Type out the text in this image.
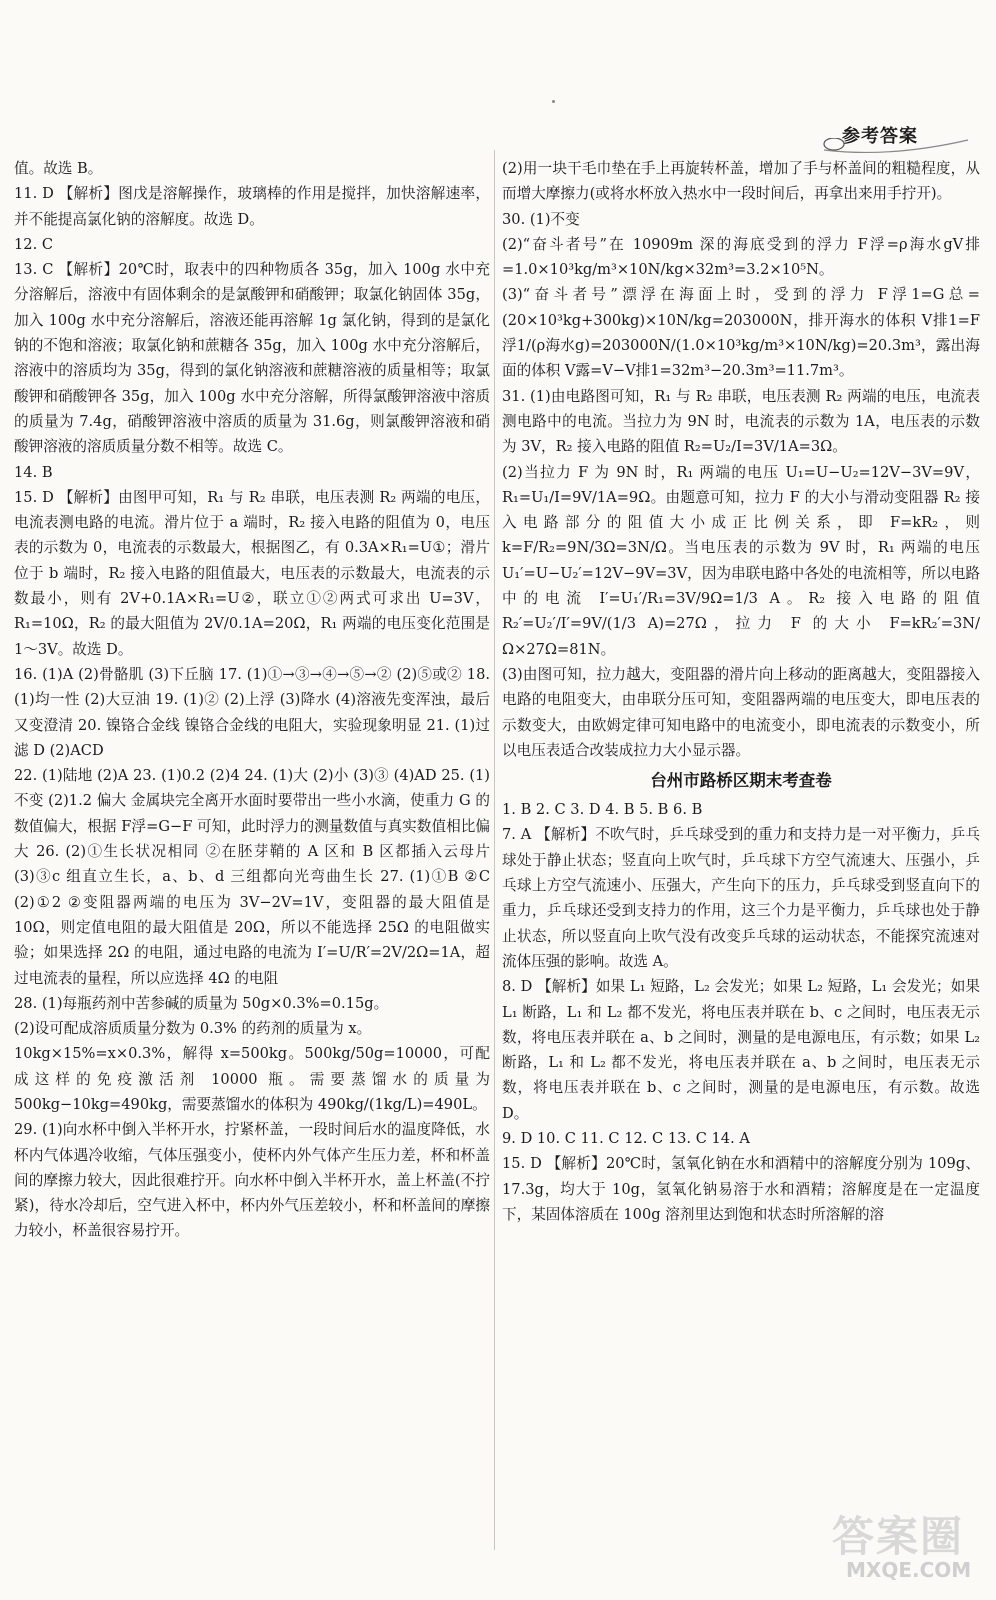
参考答案

值。故选 B。

11. D 【解析】图戊是溶解操作，玻璃棒的作用是搅拌，加快溶解速率，并不能提高氯化钠的溶解度。故选 D。

12. C

13. C 【解析】20℃时，取表中的四种物质各 35g，加入 100g 水中充分溶解后，溶液中有固体剩余的是氯酸钾和硝酸钾；取氯化钠固体 35g，加入 100g 水中充分溶解后，溶液还能再溶解 1g 氯化钠，得到的是氯化钠的不饱和溶液；取氯化钠和蔗糖各 35g，加入 100g 水中充分溶解后，溶液中的溶质均为 35g，得到的氯化钠溶液和蔗糖溶液的质量相等；取氯酸钾和硝酸钾各 35g，加入 100g 水中充分溶解，所得氯酸钾溶液中溶质的质量为 7.4g，硝酸钾溶液中溶质的质量为 31.6g，则氯酸钾溶液和硝酸钾溶液的溶质质量分数不相等。故选 C。

14. B

15. D 【解析】由图甲可知，R₁ 与 R₂ 串联，电压表测 R₂ 两端的电压，电流表测电路的电流。滑片位于 a 端时，R₂ 接入电路的阻值为 0，电压表的示数为 0，电流表的示数最大，根据图乙，有 0.3A×R₁=U①；滑片位于 b 端时，R₂ 接入电路的阻值最大，电压表的示数最大，电流表的示数最小，则有 2V+0.1A×R₁=U②，联立①②两式可求出 U=3V，R₁=10Ω，R₂ 的最大阻值为 2V/0.1A=20Ω，R₁ 两端的电压变化范围是 1～3V。故选 D。

16. (1)A (2)骨骼肌 (3)下丘脑 17. (1)①→③→④→⑤→② (2)⑤或② 18. (1)均一性 (2)大豆油 19. (1)② (2)上浮 (3)降水 (4)溶液先变浑浊，最后又变澄清 20. 镍铬合金线 镍铬合金线的电阻大，实验现象明显 21. (1)过滤 D (2)ACD

22. (1)陆地 (2)A 23. (1)0.2 (2)4 24. (1)大 (2)小 (3)③ (4)AD 25. (1)不变 (2)1.2 偏大 金属块完全离开水面时要带出一些小水滴，使重力 G 的数值偏大，根据 F浮=G−F 可知，此时浮力的测量数值与真实数值相比偏大 26. (2)①生长状况相同 ②在胚芽鞘的 A 区和 B 区都插入云母片 (3)③c 组直立生长，a、b、d 三组都向光弯曲生长 27. (1)①B ②C (2)①2 ②变阻器两端的电压为 3V−2V=1V，变阻器的最大阻值是 10Ω，则定值电阻的最大阻值是 20Ω，所以不能选择 25Ω 的电阻做实验；如果选择 2Ω 的电阻，通过电路的电流为 I′=U/R′=2V/2Ω=1A，超过电流表的量程，所以应选择 4Ω 的电阻

28. (1)每瓶药剂中苦参碱的质量为 50g×0.3%=0.15g。

(2)设可配成溶质质量分数为 0.3% 的药剂的质量为 x。

10kg×15%=x×0.3%，解得 x=500kg。500kg/50g=10000，可配成这样的免疫激活剂 10000 瓶。需要蒸馏水的质量为 500kg−10kg=490kg，需要蒸馏水的体积为 490kg/(1kg/L)=490L。

29. (1)向水杯中倒入半杯开水，拧紧杯盖，一段时间后水的温度降低，水杯内气体遇冷收缩，气体压强变小，使杯内外气体产生压力差，杯和杯盖间的摩擦力较大，因此很难拧开。向水杯中倒入半杯开水，盖上杯盖(不拧紧)，待水冷却后，空气进入杯中，杯内外气压差较小，杯和杯盖间的摩擦力较小，杯盖很容易拧开。

(2)用一块干毛巾垫在手上再旋转杯盖，增加了手与杯盖间的粗糙程度，从而增大摩擦力(或将水杯放入热水中一段时间后，再拿出来用手拧开)。

30. (1)不变

(2)“奋斗者号”在 10909m 深的海底受到的浮力 F浮=ρ海水gV排=1.0×10³kg/m³×10N/kg×32m³=3.2×10⁵N。

(3)“奋斗者号”漂浮在海面上时，受到的浮力 F浮1=G总=(20×10³kg+300kg)×10N/kg=203000N，排开海水的体积 V排1=F浮1/(ρ海水g)=203000N/(1.0×10³kg/m³×10N/kg)=20.3m³，露出海面的体积 V露=V−V排1=32m³−20.3m³=11.7m³。

31. (1)由电路图可知，R₁ 与 R₂ 串联，电压表测 R₂ 两端的电压，电流表测电路中的电流。当拉力为 9N 时，电流表的示数为 1A，电压表的示数为 3V，R₂ 接入电路的阻值 R₂=U₂/I=3V/1A=3Ω。

(2)当拉力 F 为 9N 时，R₁ 两端的电压 U₁=U−U₂=12V−3V=9V，R₁=U₁/I=9V/1A=9Ω。由题意可知，拉力 F 的大小与滑动变阻器 R₂ 接入电路部分的阻值大小成正比例关系，即 F=kR₂，则 k=F/R₂=9N/3Ω=3N/Ω。当电压表的示数为 9V 时，R₁ 两端的电压 U₁′=U−U₂′=12V−9V=3V，因为串联电路中各处的电流相等，所以电路中的电流 I′=U₁′/R₁=3V/9Ω=1/3 A。R₂ 接入电路的阻值 R₂′=U₂′/I′=9V/(1/3 A)=27Ω，拉力 F 的大小 F=kR₂′=3N/Ω×27Ω=81N。

(3)由图可知，拉力越大，变阻器的滑片向上移动的距离越大，变阻器接入电路的电阻变大，由串联分压可知，变阻器两端的电压变大，即电压表的示数变大，由欧姆定律可知电路中的电流变小，即电流表的示数变小，所以电压表适合改装成拉力大小显示器。

台州市路桥区期末考查卷

1. B 2. C 3. D 4. B 5. B 6. B

7. A 【解析】不吹气时，乒乓球受到的重力和支持力是一对平衡力，乒乓球处于静止状态；竖直向上吹气时，乒乓球下方空气流速大、压强小，乒乓球上方空气流速小、压强大，产生向下的压力，乒乓球受到竖直向下的重力，乒乓球还受到支持力的作用，这三个力是平衡力，乒乓球也处于静止状态，所以竖直向上吹气没有改变乒乓球的运动状态，不能探究流速对流体压强的影响。故选 A。

8. D 【解析】如果 L₁ 短路，L₂ 会发光；如果 L₂ 短路，L₁ 会发光；如果 L₁ 断路，L₁ 和 L₂ 都不发光，将电压表并联在 b、c 之间时，电压表无示数，将电压表并联在 a、b 之间时，测量的是电源电压，有示数；如果 L₂ 断路，L₁ 和 L₂ 都不发光，将电压表并联在 a、b 之间时，电压表无示数，将电压表并联在 b、c 之间时，测量的是电源电压，有示数。故选 D。

9. D 10. C 11. C 12. C 13. C 14. A

15. D 【解析】20℃时，氢氧化钠在水和酒精中的溶解度分别为 109g、17.3g，均大于 10g，氢氧化钠易溶于水和酒精；溶解度是在一定温度下，某固体溶质在 100g 溶剂里达到饱和状态时所溶解的溶

答案圈
MXQE.COM
